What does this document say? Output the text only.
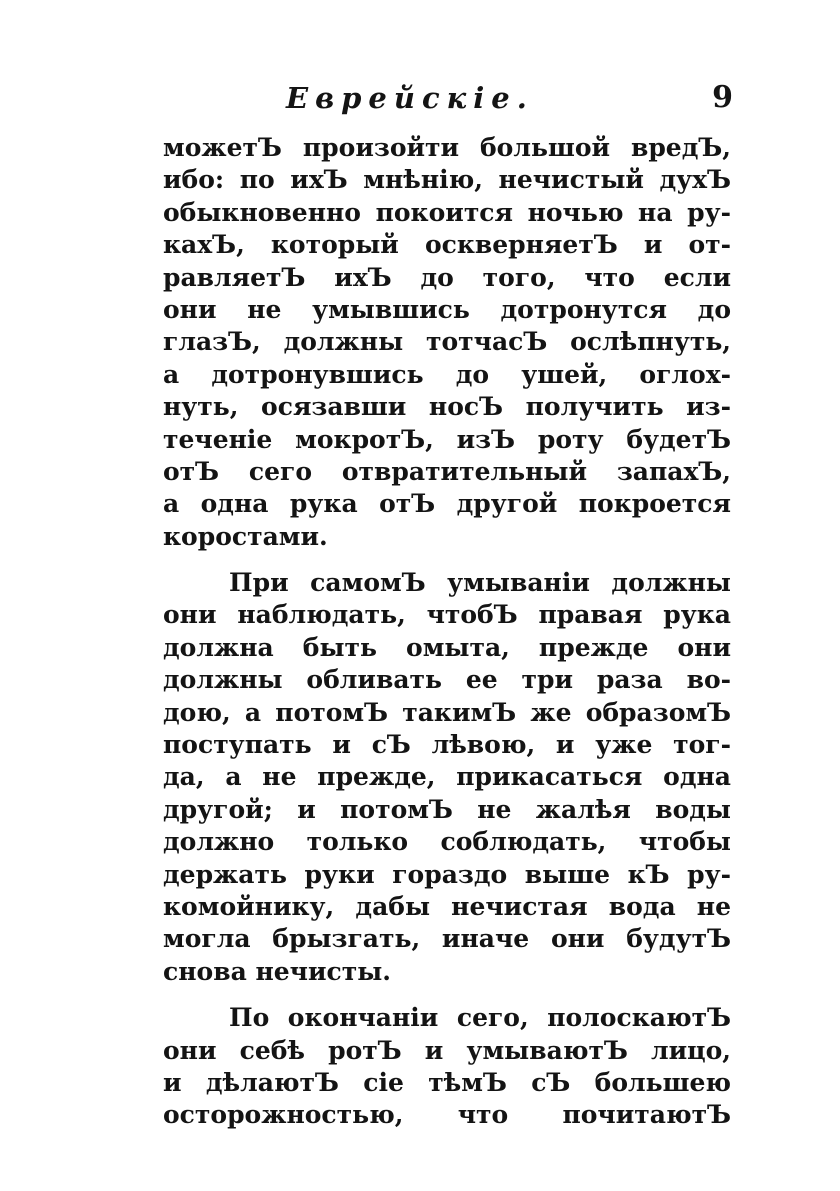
Еврейскіе.	9
можетЪ произойти большой вредЪ,
ибо: по ихЪ мнѣнію, нечистый духЪ
обыкновенно покоится ночью на ру-
кахЪ, который оскверняетЪ и от-
равляетЪ ихЪ до того, что если
они не умывшись дотронутся до
глазЪ, должны тотчасЪ ослѣпнуть,
а дотронувшись до ушей, оглох-
нуть, осязавши носЪ получить из-
теченіе мокротЪ, изЪ роту будетЪ
отЪ сего отвратительный запахЪ,
а одна рука отЪ другой покроется
коростами.
При самомЪ умываніи должны
они наблюдать, чтобЪ правая рука
должна быть омыта, прежде они
должны обливать ее три раза во-
дою, а потомЪ такимЪ же образомЪ
поступать и сЪ лѣвою, и уже тог-
да, а не прежде, прикасаться одна
другой; и потомЪ не жалѣя воды
должно только соблюдать, чтобы
держать руки гораздо выше кЪ ру-
комойнику, дабы нечистая вода не
могла брызгать, иначе они будутЪ
снова нечисты.
По окончаніи сего, полоскаютЪ
они себѣ ротЪ и умываютЪ лицо,
и дѣлаютЪ сіе тѣмЪ сЪ большею
осторожностью, что почитаютЪ
